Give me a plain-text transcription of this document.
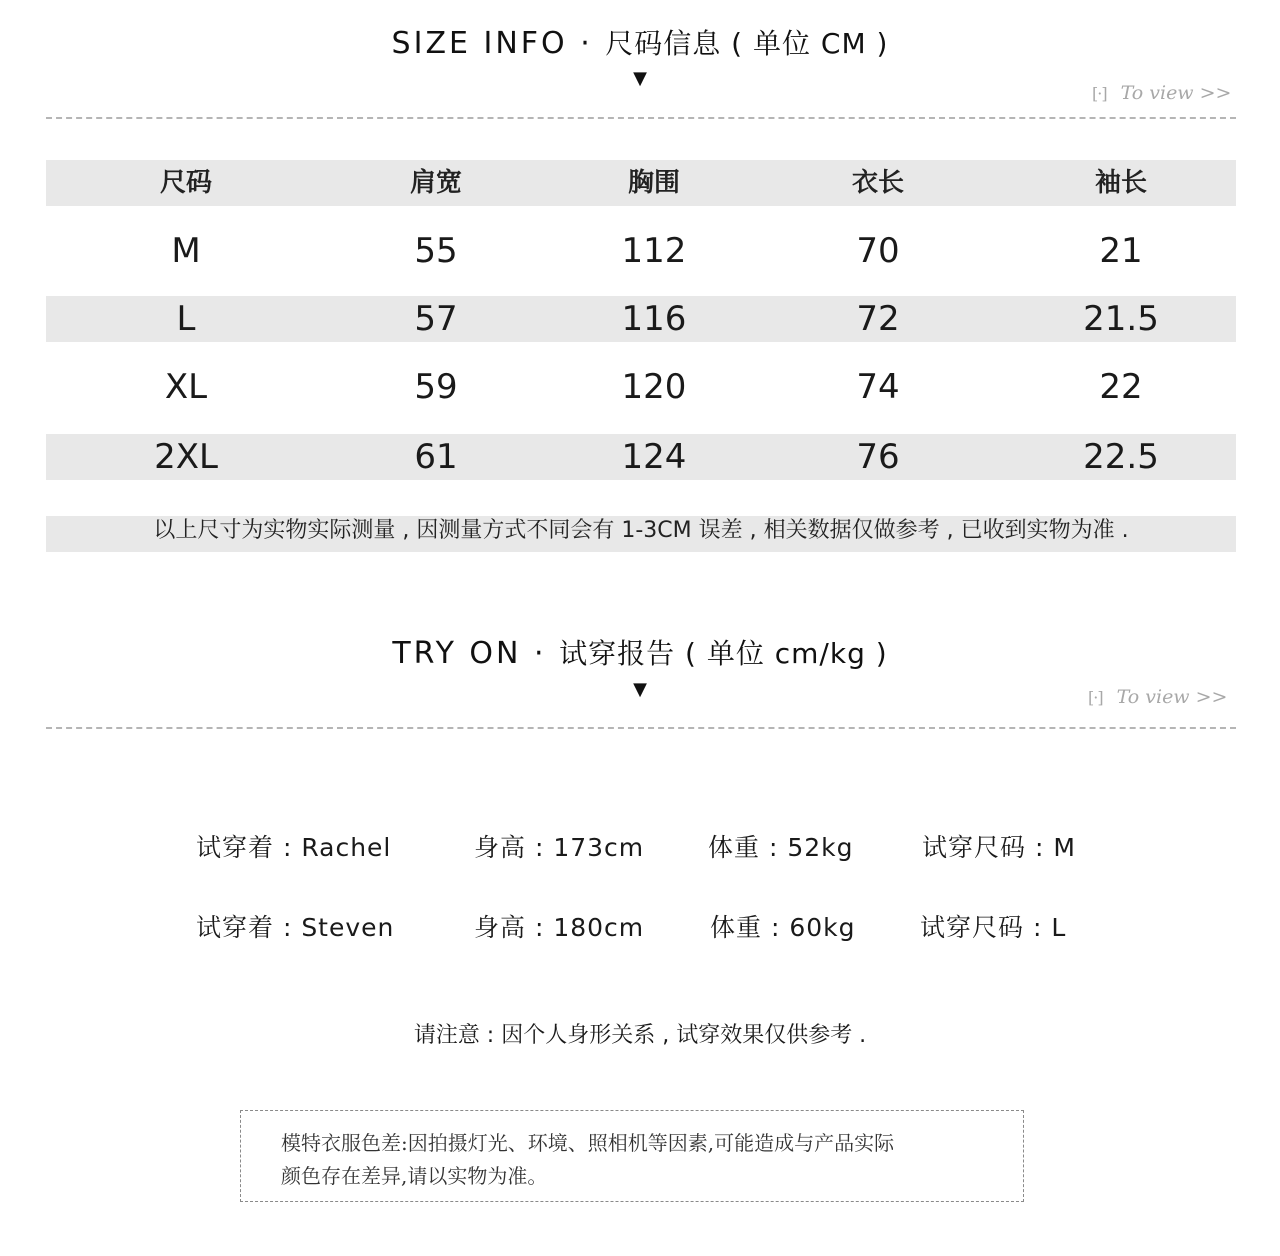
SIZE INFO · 尺码信息 ( 单位 CM )
▼
[·] To view >>
尺码	肩宽	胸围	衣长	袖长
M	55	112	70	21
L	57	116	72	21.5
XL	59	120	74	22
2XL	61	124	76	22.5
以上尺寸为实物实际测量 , 因测量方式不同会有 1-3CM 误差 , 相关数据仅做参考 , 已收到实物为准 .
TRY ON · 试穿报告 ( 单位 cm/kg )
▼	[·] To view >>
试穿着 : Rachel	身高 : 173cm	体重 : 52kg	试穿尺码 : M
试穿着 : Steven	身高 : 180cm	体重 : 60kg	试穿尺码 : L
请注意 : 因个人身形关系 , 试穿效果仅供参考 .
模特衣服色差:因拍摄灯光、环境、照相机等因素,可能造成与产品实际
颜色存在差异,请以实物为准。
